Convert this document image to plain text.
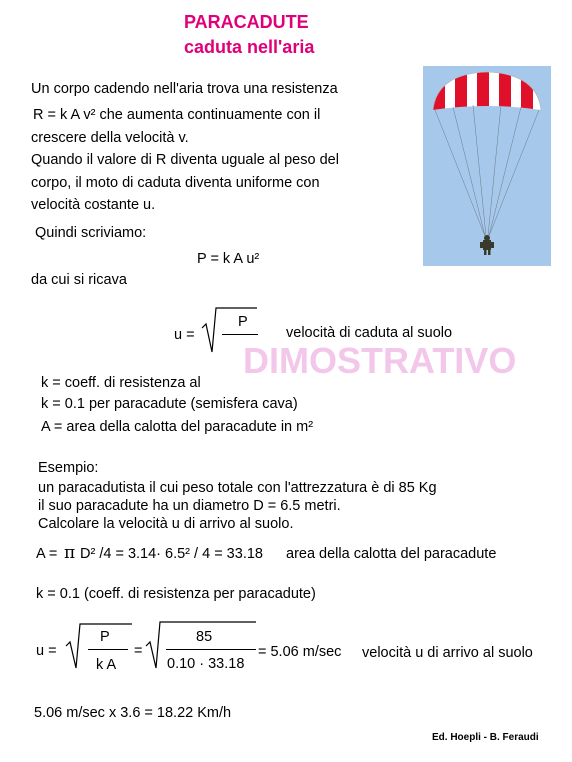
PARACADUTE
caduta nell'aria
Un corpo cadendo nell'aria trova una resistenza
R = k A v² che aumenta continuamente con il
crescere della velocità v.
Quando il valore di R diventa uguale al peso del
corpo, il moto di caduta diventa uniforme con
velocità costante u.
Quindi scriviamo:
P = k A u²
da cui si ricava
u =
P
velocità di caduta al suolo
DIMOSTRATIVO
k = coeff. di resistenza al
k = 0.1 per paracadute (semisfera cava)
A = area della calotta del paracadute in m²
Esempio:
un paracadutista il cui peso totale con l'attrezzatura è di 85 Kg
il suo paracadute ha un diametro D = 6.5 metri.
Calcolare la velocità u di arrivo al suolo.
A = π D² /4 = 3.14· 6.5² / 4 = 33.18 area della calotta del paracadute
k = 0.1 (coeff. di resistenza per paracadute)
u =
P
k A
=
85
0.10 · 33.18
= 5.06 m/sec velocità u di arrivo al suolo
5.06 m/sec x 3.6 = 18.22 Km/h
Ed. Hoepli - B. Feraudi
